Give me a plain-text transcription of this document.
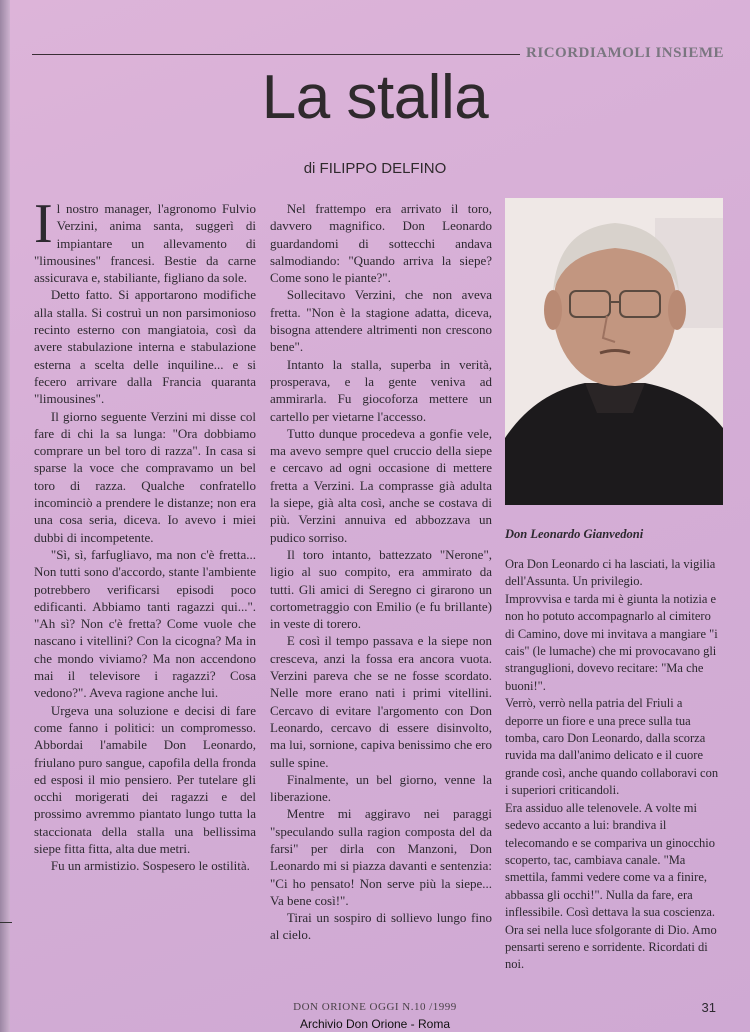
RICORDIAMOLI INSIEME
La stalla
di FILIPPO DELFINO

Il nostro manager, l'agronomo Fulvio Verzini, anima santa, suggerì di impiantare un allevamento di "limousines" francesi. Bestie da carne assicurava e, stabiliante, figliano da sole.

Detto fatto. Si apportarono modifiche alla stalla. Si costruì un non parsimonioso recinto esterno con mangiatoia, così da avere stabulazione interna e stabulazione esterna a scelta delle inquiline... e si fecero arrivare dalla Francia quaranta "limousines".

Il giorno seguente Verzini mi disse col fare di chi la sa lunga: "Ora dobbiamo comprare un bel toro di razza". In casa si sparse la voce che compravamo un bel toro di razza. Qualche confratello incominciò a prendere le distanze; non era una cosa seria, diceva. Io avevo i miei dubbi di incompetente.

"Sì, sì, farfugliavo, ma non c'è fretta... Non tutti sono d'accordo, stante l'ambiente potrebbero verificarsi episodi poco edificanti. Abbiamo tanti ragazzi qui...". "Ah sì? Non c'è fretta? Come vuole che nascano i vitellini? Con la cicogna? Ma in che mondo viviamo? Ma non accendono mai il televisore i ragazzi? Cosa vedono?". Aveva ragione anche lui.

Urgeva una soluzione e decisi di fare come fanno i politici: un compromesso. Abbordai l'amabile Don Leonardo, friulano puro sangue, capofila della fronda ed esposi il mio pensiero. Per tutelare gli occhi morigerati dei ragazzi e del prossimo avremmo piantato lungo tutta la staccionata della stalla una bellissima siepe fitta fitta, alta due metri.

Fu un armistizio. Sospesero le ostilità.

Nel frattempo era arrivato il toro, davvero magnifico. Don Leonardo guardandomi di sottecchi andava salmodiando: "Quando arriva la siepe? Come sono le piante?".

Sollecitavo Verzini, che non aveva fretta. "Non è la stagione adatta, diceva, bisogna attendere altrimenti non crescono bene".

Intanto la stalla, superba in verità, prosperava, e la gente veniva ad ammirarla. Fu giocoforza mettere un cartello per vietarne l'accesso.

Tutto dunque procedeva a gonfie vele, ma avevo sempre quel cruccio della siepe e cercavo ad ogni occasione di mettere fretta a Verzini. La comprasse già adulta la siepe, già alta così, anche se costava di più. Verzini annuiva ed abbozzava un pudico sorriso.

Il toro intanto, battezzato "Nerone", ligio al suo compito, era ammirato da tutti. Gli amici di Seregno ci girarono un cortometraggio con Emilio (e fu brillante) in veste di torero.

E così il tempo passava e la siepe non cresceva, anzi la fossa era ancora vuota. Verzini pareva che se ne fosse scordato. Nelle more erano nati i primi vitellini. Cercavo di evitare l'argomento con Don Leonardo, cercavo di essere disinvolto, ma lui, sornione, capiva benissimo che ero sulle spine.

Finalmente, un bel giorno, venne la liberazione.

Mentre mi aggiravo nei paraggi "speculando sulla ragion composta del da farsi" per dirla con Manzoni, Don Leonardo mi si piazza davanti e sentenzia: "Ci ho pensato! Non serve più la siepe... Va bene così!".

Tirai un sospiro di sollievo lungo fino al cielo.

Don Leonardo Gianvedoni

Ora Don Leonardo ci ha lasciati, la vigilia dell'Assunta. Un privilegio.

Improvvisa e tarda mi è giunta la notizia e non ho potuto accompagnarlo al cimitero di Camino, dove mi invitava a mangiare "i cais" (le lumache) che mi provocavano gli stranguglioni, dovevo recitare: "Ma che buoni!".

Verrò, verrò nella patria del Friuli a deporre un fiore e una prece sulla tua tomba, caro Don Leonardo, dalla scorza ruvida ma dall'animo delicato e il cuore grande così, anche quando collaboravi con i superiori criticandoli.

Era assiduo alle telenovele. A volte mi sedevo accanto a lui: brandiva il telecomando e se compariva un ginocchio scoperto, tac, cambiava canale. "Ma smettila, fammi vedere come va a finire, abbassa gli occhi!". Nulla da fare, era inflessibile. Così dettava la sua coscienza.

Ora sei nella luce sfolgorante di Dio. Amo pensarti sereno e sorridente. Ricordati di noi.

DON ORIONE OGGI N.10 /1999	31
Archivio Don Orione - Roma
